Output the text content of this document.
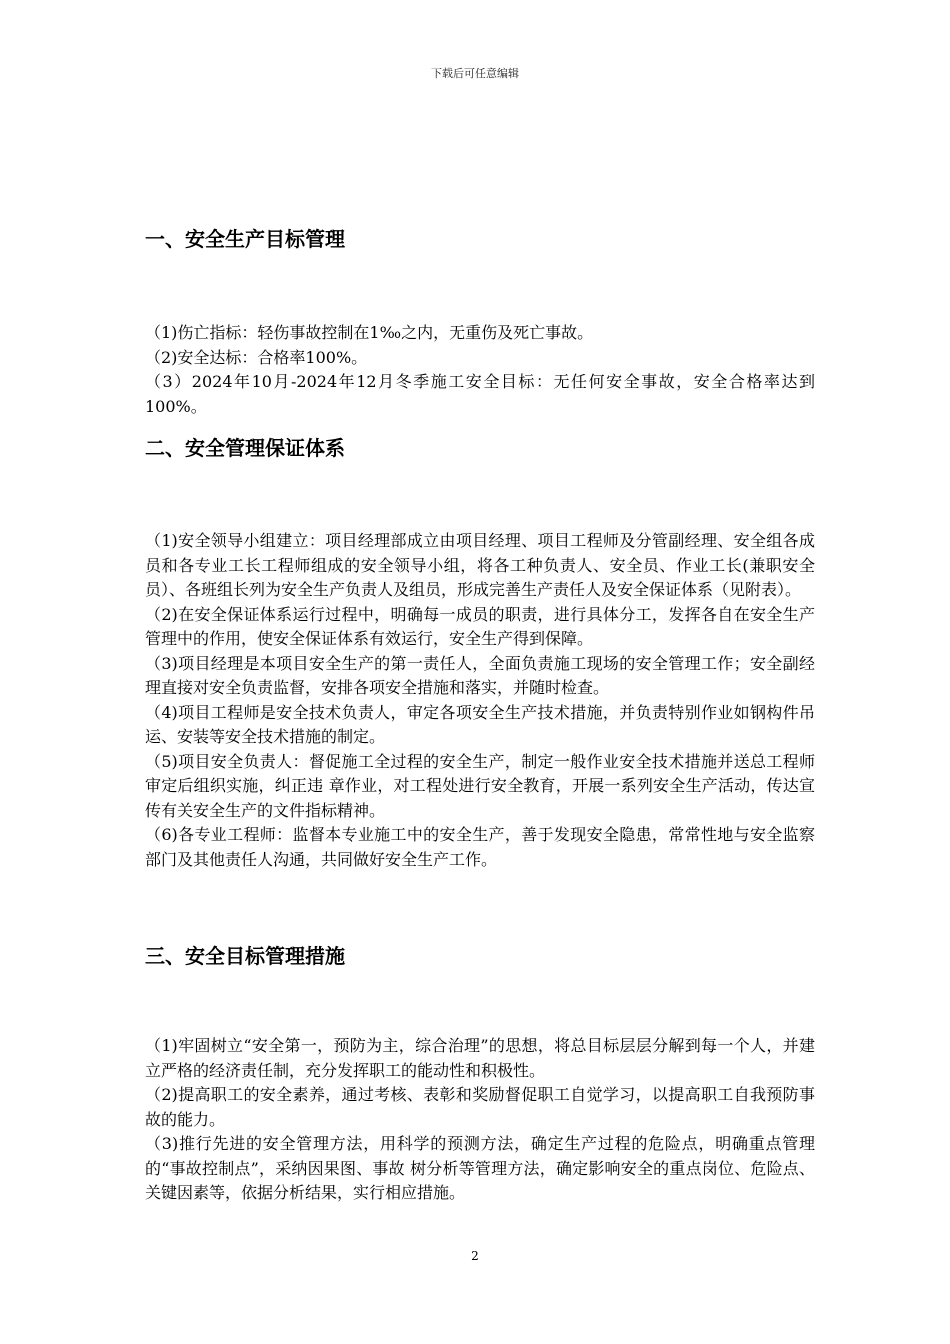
下载后可任意编辑
一、安全生产目标管理

（1)伤亡指标：轻伤事故控制在1‰之内，无重伤及死亡事故。

（2)安全达标：合格率100%。

（3）2024年10月-2024年12月冬季施工安全目标：无任何安全事故，安全合格率达到100%。

二、安全管理保证体系

（1)安全领导小组建立：项目经理部成立由项目经理、项目工程师及分管副经理、安全组各成员和各专业工长工程师组成的安全领导小组，将各工种负责人、安全员、作业工长(兼职安全员）、各班组长列为安全生产负责人及组员，形成完善生产责任人及安全保证体系（见附表）。

（2)在安全保证体系运行过程中，明确每一成员的职责，进行具体分工，发挥各自在安全生产管理中的作用，使安全保证体系有效运行，安全生产得到保障。

（3)项目经理是本项目安全生产的第一责任人，全面负责施工现场的安全管理工作；安全副经理直接对安全负责监督，安排各项安全措施和落实，并随时检查。

（4)项目工程师是安全技术负责人，审定各项安全生产技术措施，并负责特别作业如钢构件吊运、安装等安全技术措施的制定。

（5)项目安全负责人：督促施工全过程的安全生产，制定一般作业安全技术措施并送总工程师审定后组织实施，纠正违 章作业，对工程处进行安全教育，开展一系列安全生产活动，传达宣传有关安全生产的文件指标精神。

（6)各专业工程师：监督本专业施工中的安全生产，善于发现安全隐患，常常性地与安全监察部门及其他责任人沟通，共同做好安全生产工作。

三、安全目标管理措施

（1)牢固树立“安全第一，预防为主，综合治理”的思想，将总目标层层分解到每一个人，并建立严格的经济责任制，充分发挥职工的能动性和积极性。

（2)提高职工的安全素养，通过考核、表彰和奖励督促职工自觉学习，以提高职工自我预防事故的能力。

（3)推行先进的安全管理方法，用科学的预测方法，确定生产过程的危险点，明确重点管理的“事故控制点”，采纳因果图、事故 树分析等管理方法，确定影响安全的重点岗位、危险点、关键因素等，依据分析结果，实行相应措施。

2
